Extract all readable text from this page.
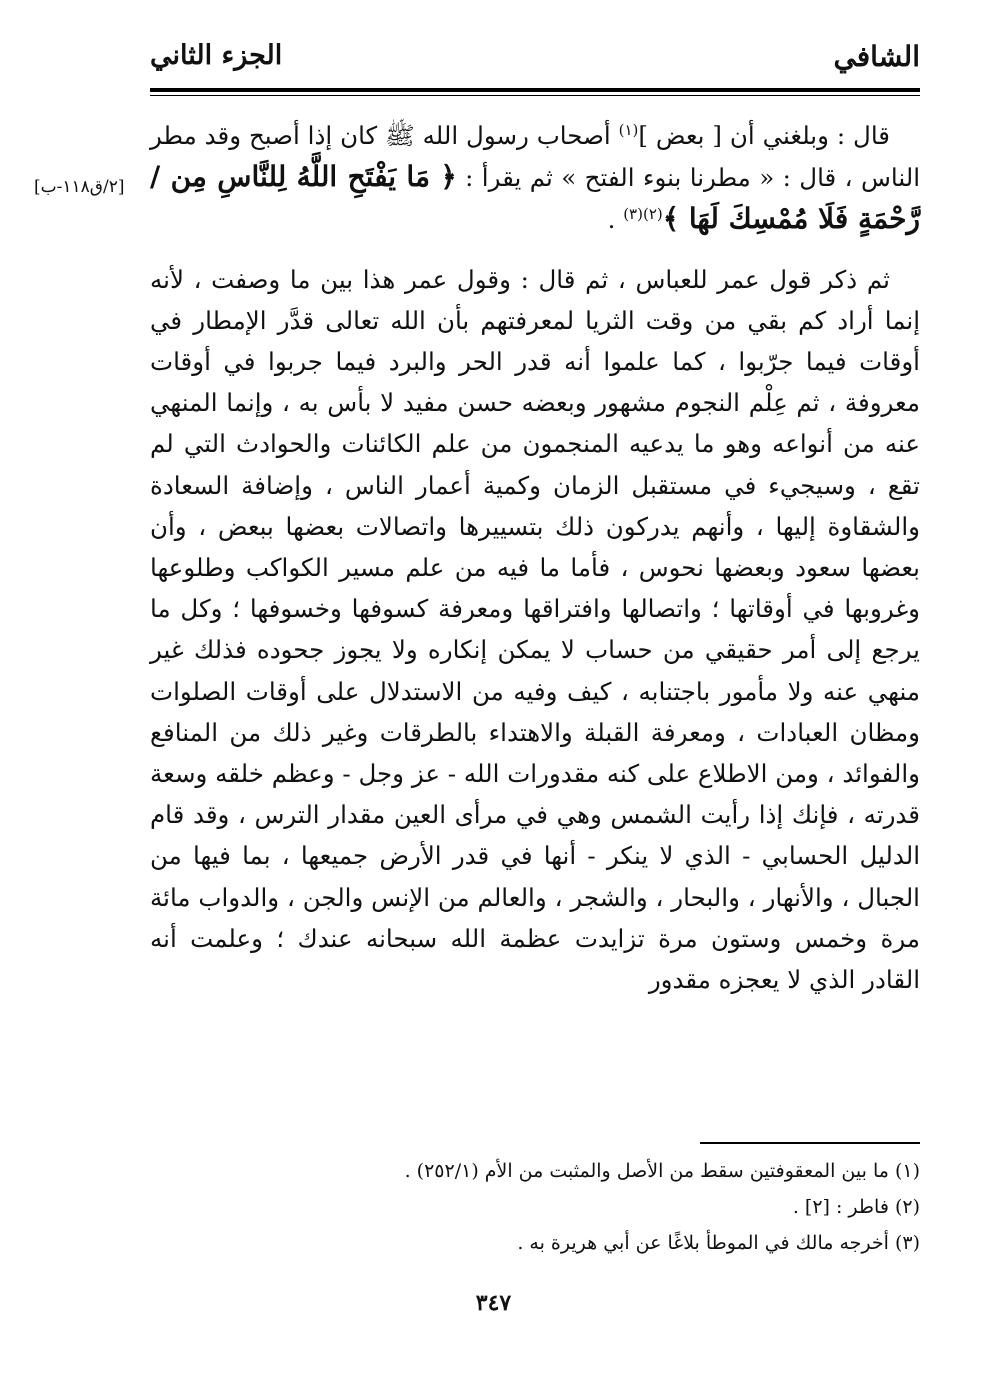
الشافي
الجزء الثاني
[٢/ق١١٨-ب]

قال : وبلغني أن [ بعض ]$^{(١)}$ أصحاب رسول الله ﷺ كان إذا أصبح وقد مطر الناس ، قال : « مطرنا بنوء الفتح » ثم يقرأ : ﴿ مَا يَفْتَحِ اللَّهُ لِلنَّاسِ مِن / رَّحْمَةٍ فَلَا مُمْسِكَ لَهَا ﴾$^{(٢)(٣)}$ .

ثم ذكر قول عمر للعباس ، ثم قال : وقول عمر هذا بين ما وصفت ، لأنه إنما أراد كم بقي من وقت الثريا لمعرفتهم بأن الله تعالى قدَّر الإمطار في أوقات فيما جرّبوا ، كما علموا أنه قدر الحر والبرد فيما جربوا في أوقات معروفة ، ثم عِلْم النجوم مشهور وبعضه حسن مفيد لا بأس به ، وإنما المنهي عنه من أنواعه وهو ما يدعيه المنجمون من علم الكائنات والحوادث التي لم تقع ، وسيجيء في مستقبل الزمان وكمية أعمار الناس ، وإضافة السعادة والشقاوة إليها ، وأنهم يدركون ذلك بتسييرها واتصالات بعضها ببعض ، وأن بعضها سعود وبعضها نحوس ، فأما ما فيه من علم مسير الكواكب وطلوعها وغروبها في أوقاتها ؛ واتصالها وافتراقها ومعرفة كسوفها وخسوفها ؛ وكل ما يرجع إلى أمر حقيقي من حساب لا يمكن إنكاره ولا يجوز جحوده فذلك غير منهي عنه ولا مأمور باجتنابه ، كيف وفيه من الاستدلال على أوقات الصلوات ومظان العبادات ، ومعرفة القبلة والاهتداء بالطرقات وغير ذلك من المنافع والفوائد ، ومن الاطلاع على كنه مقدورات الله - عز وجل - وعظم خلقه وسعة قدرته ، فإنك إذا رأيت الشمس وهي في مرأى العين مقدار الترس ، وقد قام الدليل الحسابي - الذي لا ينكر - أنها في قدر الأرض جميعها ، بما فيها من الجبال ، والأنهار ، والبحار ، والشجر ، والعالم من الإنس والجن ، والدواب مائة مرة وخمس وستون مرة تزايدت عظمة الله سبحانه عندك ؛ وعلمت أنه القادر الذي لا يعجزه مقدور

(١) ما بين المعقوفتين سقط من الأصل والمثبت من الأم (٢٥٢/١) .

(٢) فاطر : [٢] .

(٣) أخرجه مالك في الموطأ بلاغًا عن أبي هريرة به .

٣٤٧
